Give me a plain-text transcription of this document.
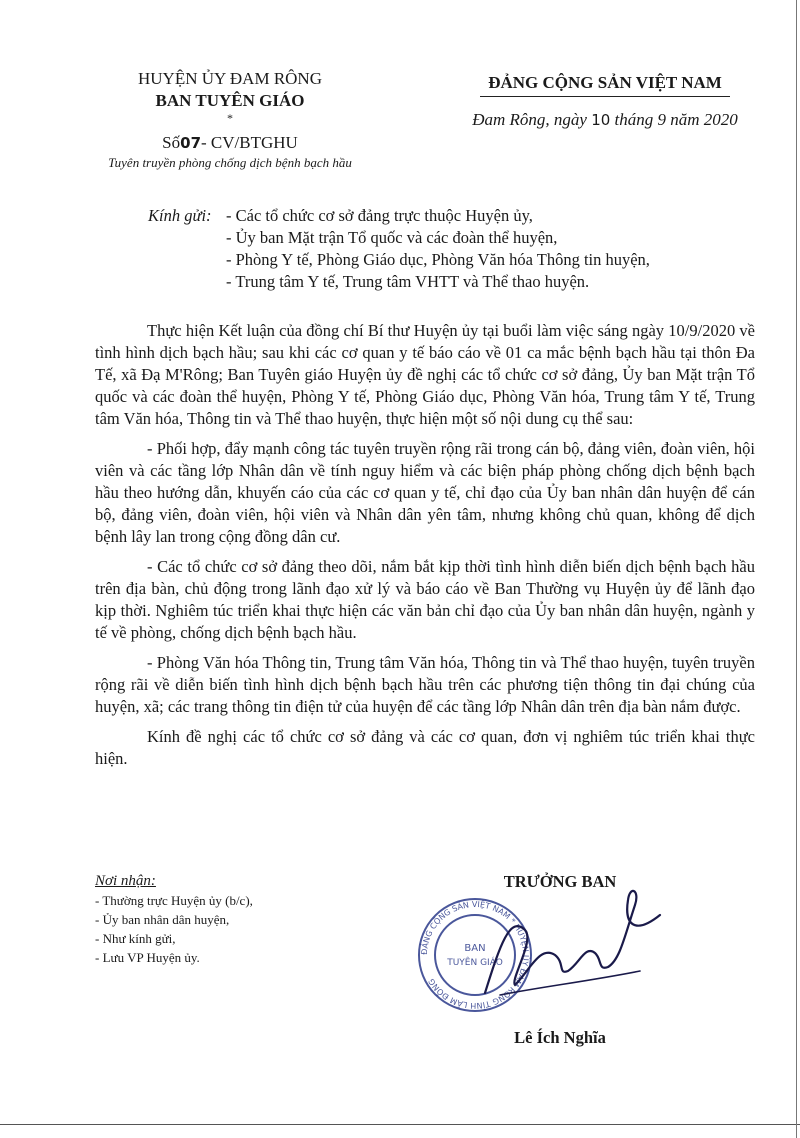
HUYỆN ỦY ĐAM RÔNG
BAN TUYÊN GIÁO
*
Số07- CV/BTGHU
Tuyên truyền phòng chống dịch bệnh bạch hầu
ĐẢNG CỘNG SẢN VIỆT NAM
Đam Rông, ngày 10 tháng 9 năm 2020
Kính gửi: - Các tổ chức cơ sở đảng trực thuộc Huyện ủy,
- Ủy ban Mặt trận Tổ quốc và các đoàn thể huyện,
- Phòng Y tế, Phòng Giáo dục, Phòng Văn hóa Thông tin huyện,
- Trung tâm Y tế, Trung tâm VHTT và Thể thao huyện.

Thực hiện Kết luận của đồng chí Bí thư Huyện ủy tại buổi làm việc sáng ngày 10/9/2020 về tình hình dịch bạch hầu; sau khi các cơ quan y tế báo cáo về 01 ca mắc bệnh bạch hầu tại thôn Đa Tế, xã Đạ M'Rông; Ban Tuyên giáo Huyện ủy đề nghị các tổ chức cơ sở đảng, Ủy ban Mặt trận Tổ quốc và các đoàn thể huyện, Phòng Y tế, Phòng Giáo dục, Phòng Văn hóa, Trung tâm Y tế, Trung tâm Văn hóa, Thông tin và Thể thao huyện, thực hiện một số nội dung cụ thể sau:

- Phối hợp, đẩy mạnh công tác tuyên truyền rộng rãi trong cán bộ, đảng viên, đoàn viên, hội viên và các tầng lớp Nhân dân về tính nguy hiểm và các biện pháp phòng chống dịch bệnh bạch hầu theo hướng dẫn, khuyến cáo của các cơ quan y tế, chỉ đạo của Ủy ban nhân dân huyện để cán bộ, đảng viên, đoàn viên, hội viên và Nhân dân yên tâm, nhưng không chủ quan, không để dịch bệnh lây lan trong cộng đồng dân cư.

- Các tổ chức cơ sở đảng theo dõi, nắm bắt kịp thời tình hình diễn biến dịch bệnh bạch hầu trên địa bàn, chủ động trong lãnh đạo xử lý và báo cáo về Ban Thường vụ Huyện ủy để lãnh đạo kịp thời. Nghiêm túc triển khai thực hiện các văn bản chỉ đạo của Ủy ban nhân dân huyện, ngành y tế về phòng, chống dịch bệnh bạch hầu.

- Phòng Văn hóa Thông tin, Trung tâm Văn hóa, Thông tin và Thể thao huyện, tuyên truyền rộng rãi về diễn biến tình hình dịch bệnh bạch hầu trên các phương tiện thông tin đại chúng của huyện, xã; các trang thông tin điện tử của huyện để các tầng lớp Nhân dân trên địa bàn nắm được.

Kính đề nghị các tổ chức cơ sở đảng và các cơ quan, đơn vị nghiêm túc triển khai thực hiện.

Nơi nhận:
- Thường trực Huyện ủy (b/c),
- Ủy ban nhân dân huyện,
- Như kính gửi,
- Lưu VP Huyện ủy.
TRƯỞNG BAN
ĐẢNG CỘNG SẢN VIỆT NAM * HUYỆN ỦY ĐAM RÔNG TỈNH LÂM ĐỒNG
BAN
TUYÊN GIÁO
Lê Ích Nghĩa
